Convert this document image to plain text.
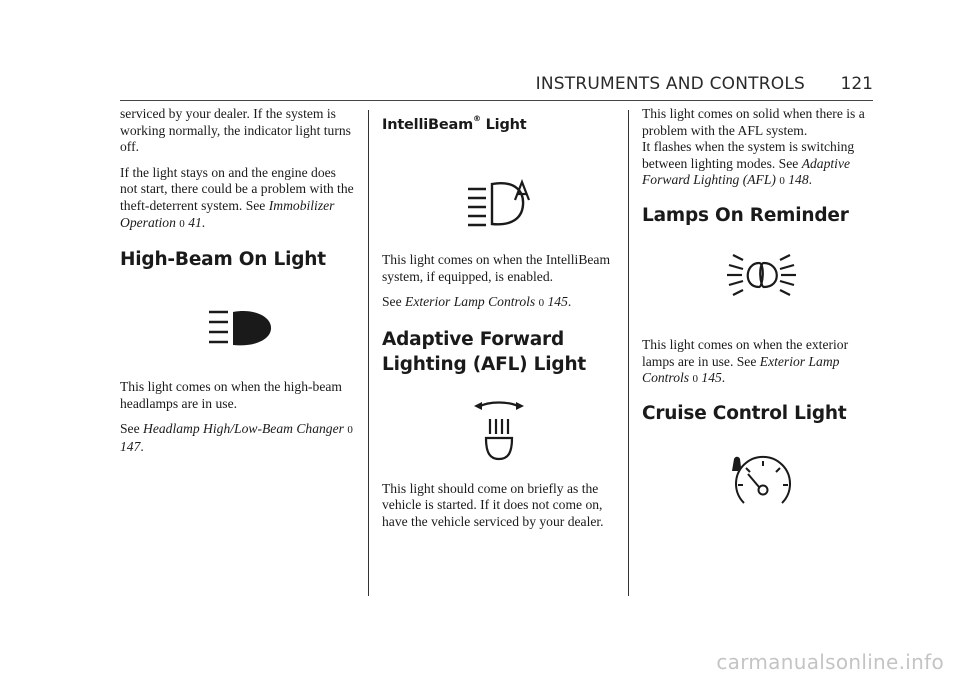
INSTRUMENTS AND CONTROLS 121

serviced by your dealer. If the system is working normally, the indicator light turns off.

If the light stays on and the engine does not start, there could be a problem with the theft-deterrent system. See Immobilizer Operation 0 41.

High-Beam On Light

This light comes on when the high-beam headlamps are in use.

See Headlamp High/Low-Beam Changer 0 147.

IntelliBeam® Light

This light comes on when the IntelliBeam system, if equipped, is enabled.

See Exterior Lamp Controls 0 145.

Adaptive Forward Lighting (AFL) Light

This light should come on briefly as the vehicle is started. If it does not come on, have the vehicle serviced by your dealer.

This light comes on solid when there is a problem with the AFL system.

It flashes when the system is switching between lighting modes. See Adaptive Forward Lighting (AFL) 0 148.

Lamps On Reminder

This light comes on when the exterior lamps are in use. See Exterior Lamp Controls 0 145.

Cruise Control Light
carmanualsonline.info
